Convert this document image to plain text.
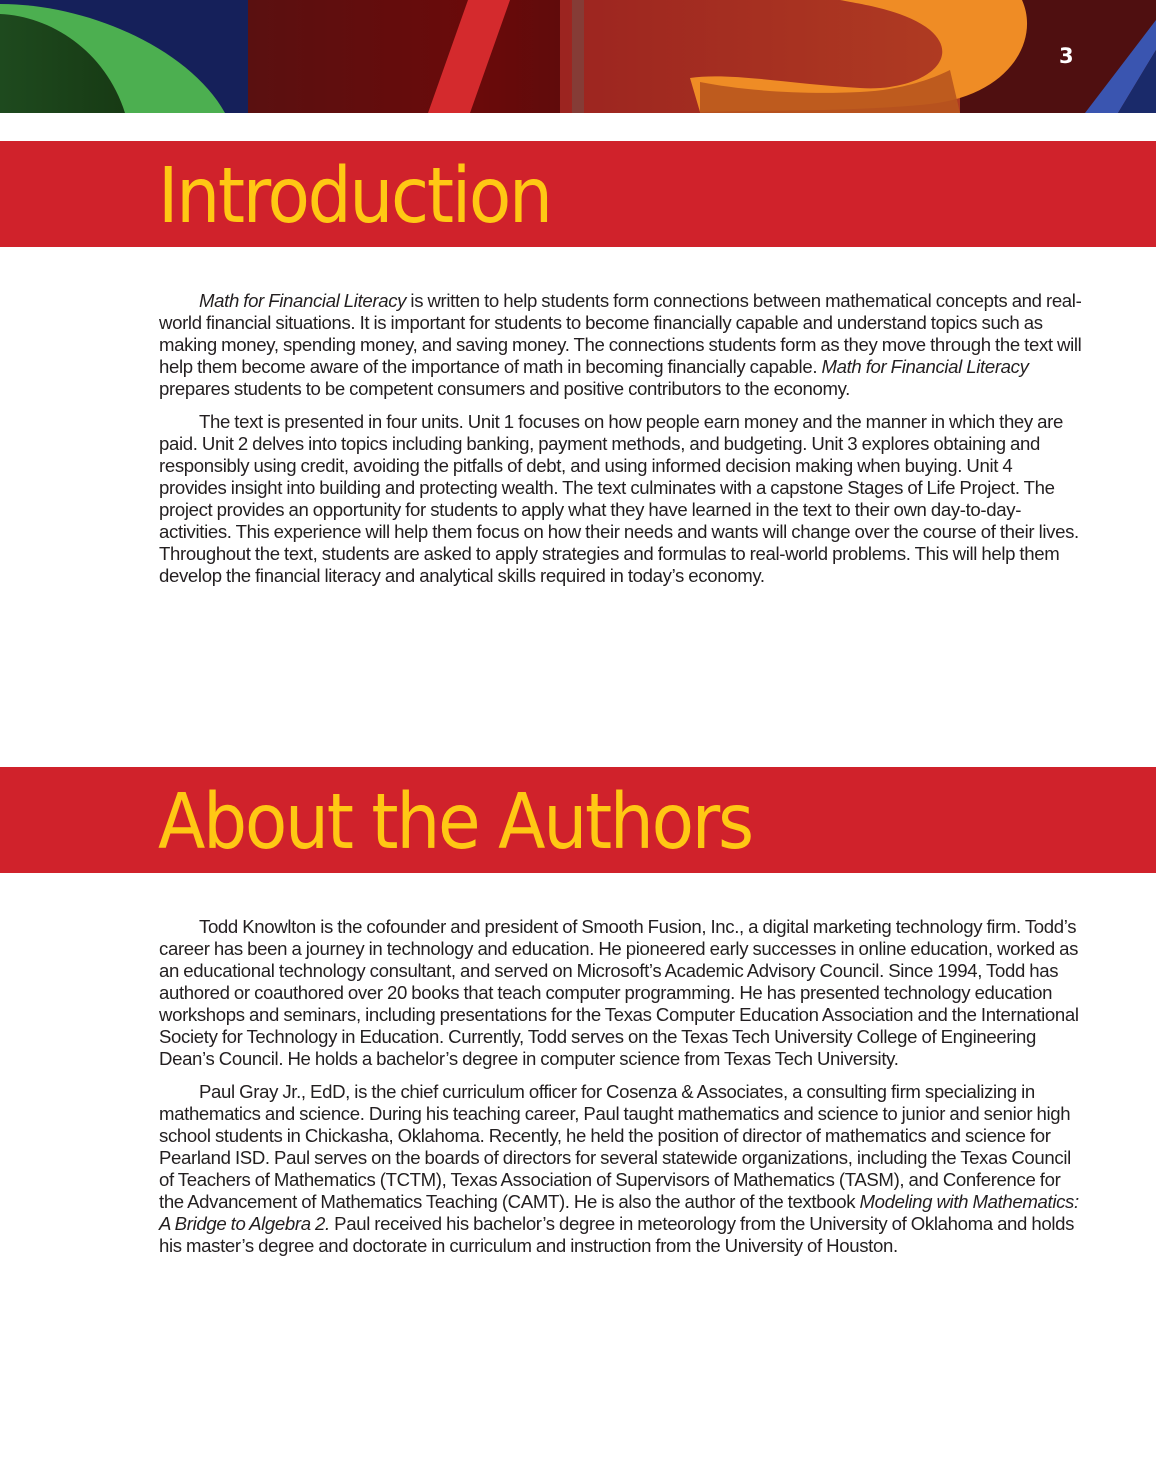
3
Introduction

Math for Financial Literacy is written to help students form connections between mathematical concepts and real-world financial situations. It is important for students to become financially capable and understand topics such as making money, spending money, and saving money. The connections students form as they move through the text will help them become aware of the importance of math in becoming financially capable. Math for Financial Literacy prepares students to be competent consumers and positive contributors to the economy.

The text is presented in four units. Unit 1 focuses on how people earn money and the manner in which they are paid. Unit 2 delves into topics including banking, payment methods, and budgeting. Unit 3 explores obtaining and responsibly using credit, avoiding the pitfalls of debt, and using informed decision making when buying. Unit 4 provides insight into building and protecting wealth. The text culminates with a capstone Stages of Life Project. The project provides an opportunity for students to apply what they have learned in the text to their own day-to-day-activities. This experience will help them focus on how their needs and wants will change over the course of their lives. Throughout the text, students are asked to apply strategies and formulas to real-world problems. This will help them develop the financial literacy and analytical skills required in today’s economy.

About the Authors

Todd Knowlton is the cofounder and president of Smooth Fusion, Inc., a digital marketing technology firm. Todd’s career has been a journey in technology and education. He pioneered early successes in online education, worked as an educational technology consultant, and served on Microsoft’s Academic Advisory Council. Since 1994, Todd has authored or coauthored over 20 books that teach computer programming. He has presented technology education workshops and seminars, including presentations for the Texas Computer Education Association and the International Society for Technology in Education. Currently, Todd serves on the Texas Tech University College of Engineering Dean’s Council. He holds a bachelor’s degree in computer science from Texas Tech University.

Paul Gray Jr., EdD, is the chief curriculum officer for Cosenza & Associates, a consulting firm specializing in mathematics and science. During his teaching career, Paul taught mathematics and science to junior and senior high school students in Chickasha, Oklahoma. Recently, he held the position of director of mathematics and science for Pearland ISD. Paul serves on the boards of directors for several statewide organizations, including the Texas Council of Teachers of Mathematics (TCTM), Texas Association of Supervisors of Mathematics (TASM), and Conference for the Advancement of Mathematics Teaching (CAMT). He is also the author of the textbook Modeling with Mathematics: A Bridge to Algebra 2. Paul received his bachelor’s degree in meteorology from the University of Oklahoma and holds his master’s degree and doctorate in curriculum and instruction from the University of Houston.
